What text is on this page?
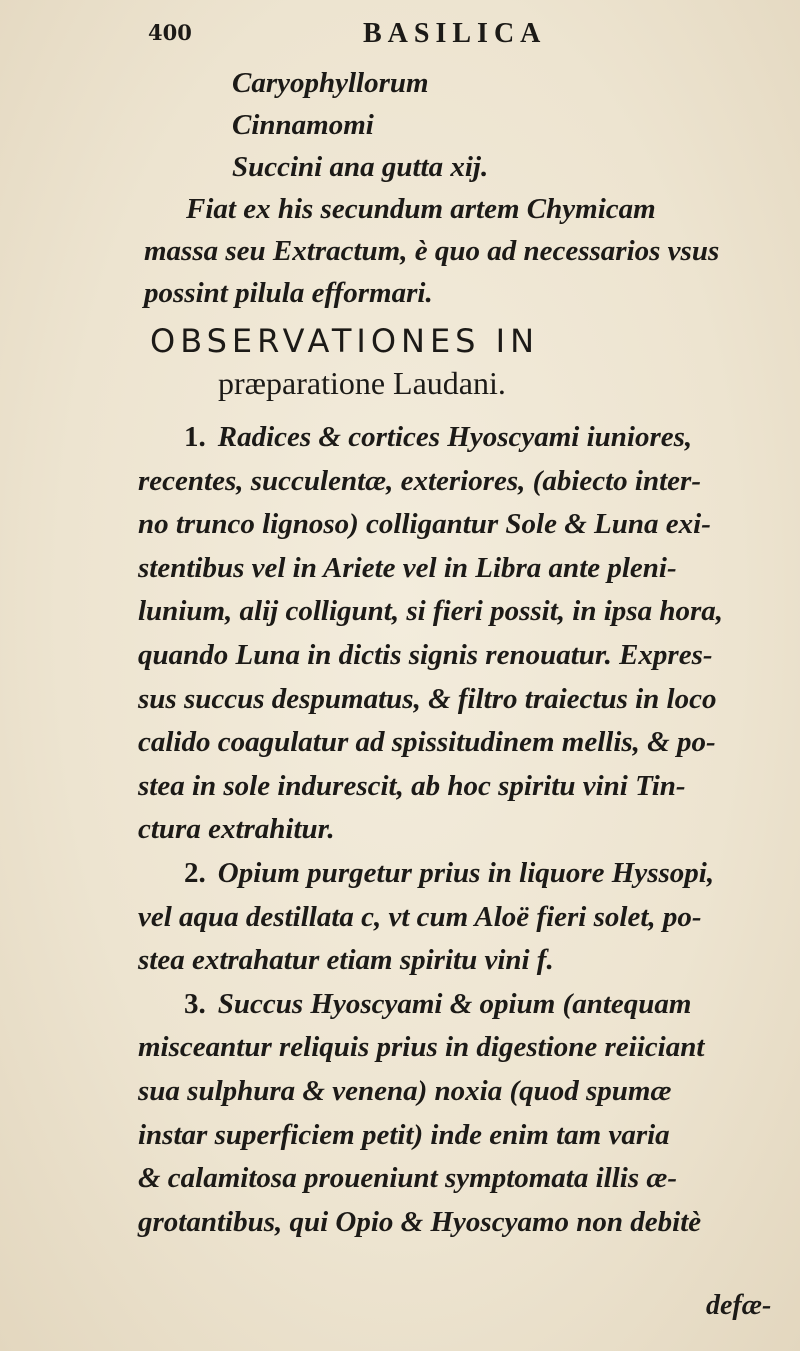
400	BASILICA
Caryophyllorum
Cinnamomi
Succini ana gutta xij.
Fiat ex his secundum artem Chymicam
massa seu Extractum, è quo ad necessarios vsus
possint pilula efformari.
OBSERVATIONES IN
præparatione Laudani.
1. Radices & cortices Hyoscyami iuniores,
recentes, succulentæ, exteriores, (abiecto inter-
no trunco lignoso) colligantur Sole & Luna exi-
stentibus vel in Ariete vel in Libra ante pleni-
lunium, alij colligunt, si fieri possit, in ipsa hora,
quando Luna in dictis signis renouatur. Expres-
sus succus despumatus, & filtro traiectus in loco
calido coagulatur ad spissitudinem mellis, & po-
stea in sole indurescit, ab hoc spiritu vini Tin-
ctura extrahitur.
2. Opium purgetur prius in liquore Hyssopi,
vel aqua destillata c, vt cum Aloë fieri solet, po-
stea extrahatur etiam spiritu vini f.
3. Succus Hyoscyami & opium (antequam
misceantur reliquis prius in digestione reiiciant
sua sulphura & venena) noxia (quod spumæ
instar superficiem petit) inde enim tam varia
& calamitosa proueniunt symptomata illis æ-
grotantibus, qui Opio & Hyoscyamo non debitè
defæ-
